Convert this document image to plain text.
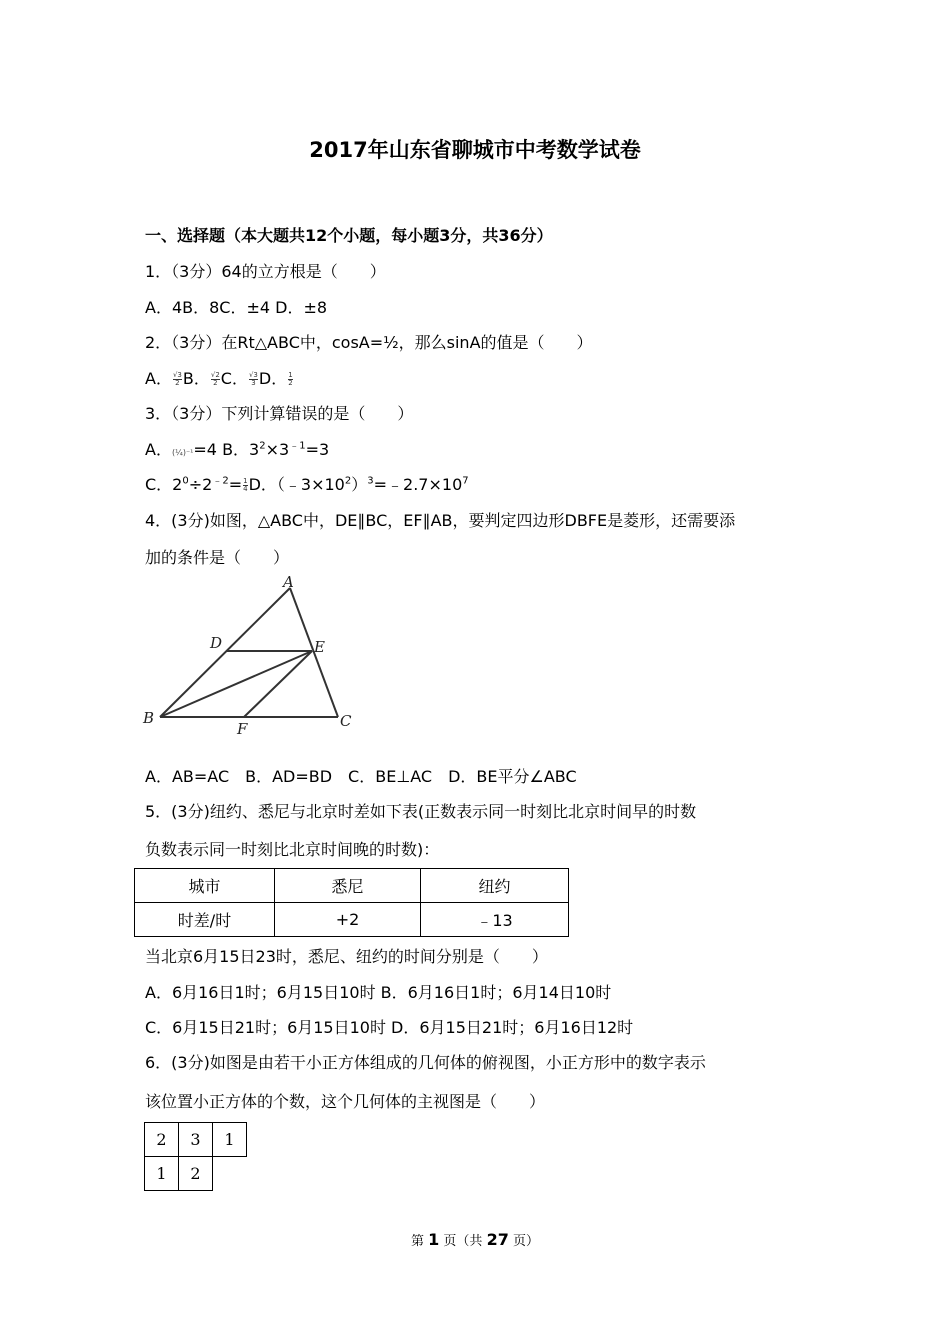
2017年山东省聊城市中考数学试卷
一、选择题（本大题共12个小题，每小题3分，共36分）
1．（3分）64的立方根是（　　）
A．4B．8C．±4 D．±8
2．（3分）在Rt△ABC中，cosA=½，那么sinA的值是（　　）
A． $\frac{√3}{2}$ B． $\frac{√2}{2}$ C． $\frac{√3}{3}$ D． $\frac{1}{2}$
3．（3分）下列计算错误的是（　　）
A．(¼)⁻¹=4 B．$3^2\times 3^{﹣1}=3$
C．$2^0\div 2^{﹣2}= \frac{1}{4}$ D．$(﹣3\times 10^2)^3=﹣2.7\times 10^7$
4．(3分)如图，△ABC中，DE∥BC，EF∥AB，要判定四边形DBFE是菱形，还需要添
加的条件是（　　）
A
D	E
B
F	C
A．AB=AC　B．AD=BD　C．BE⊥AC　D．BE平分∠ABC
5．(3分)纽约、悉尼与北京时差如下表(正数表示同一时刻比北京时间早的时数
负数表示同一时刻比北京时间晚的时数)：
城市	悉尼	纽约
时差/时	+2	﹣13
当北京6月15日23时，悉尼、纽约的时间分别是（　　）
A．6月16日1时；6月15日10时 B．6月16日1时；6月14日10时
C．6月15日21时；6月15日10时 D．6月15日21时；6月16日12时
6．(3分)如图是由若干小正方体组成的几何体的俯视图，小正方形中的数字表示
该位置小正方体的个数，这个几何体的主视图是（　　）
2	3	1
1	2	
第 1 页（共 27 页）
